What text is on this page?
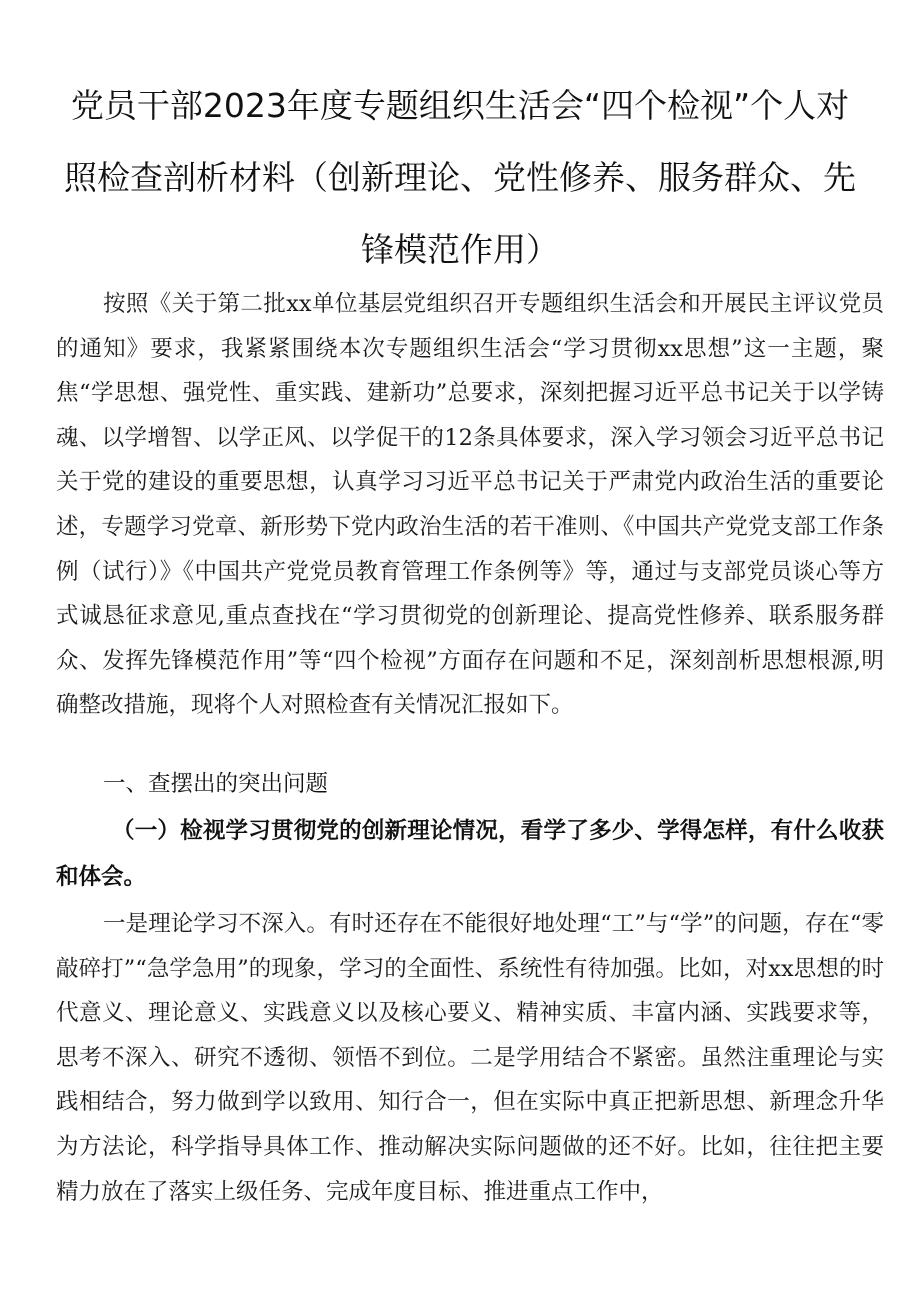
党员干部2023年度专题组织生活会“四个检视”个人对照检查剖析材料（创新理论、党性修养、服务群众、先锋模范作用）

按照《关于第二批xx单位基层党组织召开专题组织生活会和开展民主评议党员的通知》要求，我紧紧围绕本次专题组织生活会“学习贯彻xx思想”这一主题，聚焦“学思想、强党性、重实践、建新功”总要求，深刻把握习近平总书记关于以学铸魂、以学增智、以学正风、以学促干的12条具体要求，深入学习领会习近平总书记关于党的建设的重要思想，认真学习习近平总书记关于严肃党内政治生活的重要论述，专题学习党章、新形势下党内政治生活的若干准则、《中国共产党党支部工作条例（试行）》《中国共产党党员教育管理工作条例等》等，通过与支部党员谈心等方式诚恳征求意见,重点查找在“学习贯彻党的创新理论、提高党性修养、联系服务群众、发挥先锋模范作用”等“四个检视”方面存在问题和不足，深刻剖析思想根源,明确整改措施，现将个人对照检查有关情况汇报如下。

一、查摆出的突出问题
（一）检视学习贯彻党的创新理论情况，看学了多少、学得怎样，有什么收获和体会。

一是理论学习不深入。有时还存在不能很好地处理“工”与“学”的问题，存在“零敲碎打”“急学急用”的现象，学习的全面性、系统性有待加强。比如，对xx思想的时代意义、理论意义、实践意义以及核心要义、精神实质、丰富内涵、实践要求等，思考不深入、研究不透彻、领悟不到位。二是学用结合不紧密。虽然注重理论与实践相结合，努力做到学以致用、知行合一，但在实际中真正把新思想、新理念升华为方法论，科学指导具体工作、推动解决实际问题做的还不好。比如，往往把主要精力放在了落实上级任务、完成年度目标、推进重点工作中，
